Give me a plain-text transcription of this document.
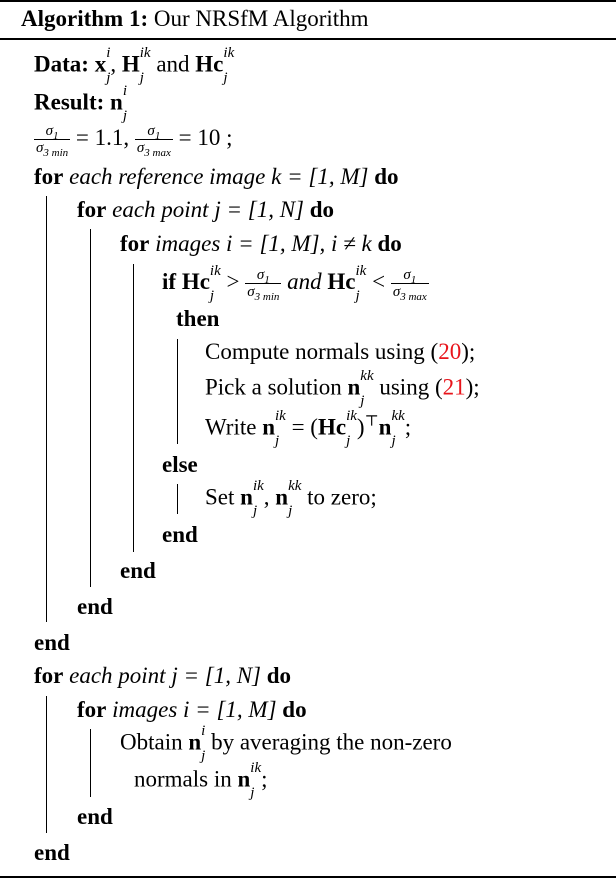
Algorithm 1: Our NRSfM Algorithm
Data: x i
j
, H ik
j
and Hc ik
j
Result: n i
j
$\frac{\sigma_1}{\sigma_{3 min}} = 1.1$, $\frac{\sigma_1}{\sigma_{3 max}} = 10$ ;
for each reference image k = [1, M] do
for each point j = [1, N] do
for images i = [1, M], i ≠ k do
if Hc ik
j
> $\frac{\sigma_1}{\sigma_{3 min}}$ and Hc ik
j
< $\frac{\sigma_1}{\sigma_{3 max}}$
then
Compute normals using (20);
Pick a solution n kk
j
using (21);
Write n ik
j
= (Hc ik
j
)⊤n kk
j
;
else
Set n ik
j
, n kk
j
to zero;
end
end
end
end
for each point j = [1, N] do
for images i = [1, M] do
Obtain n i
j
by averaging the non-zero
normals in n ik
j
;
end
end
